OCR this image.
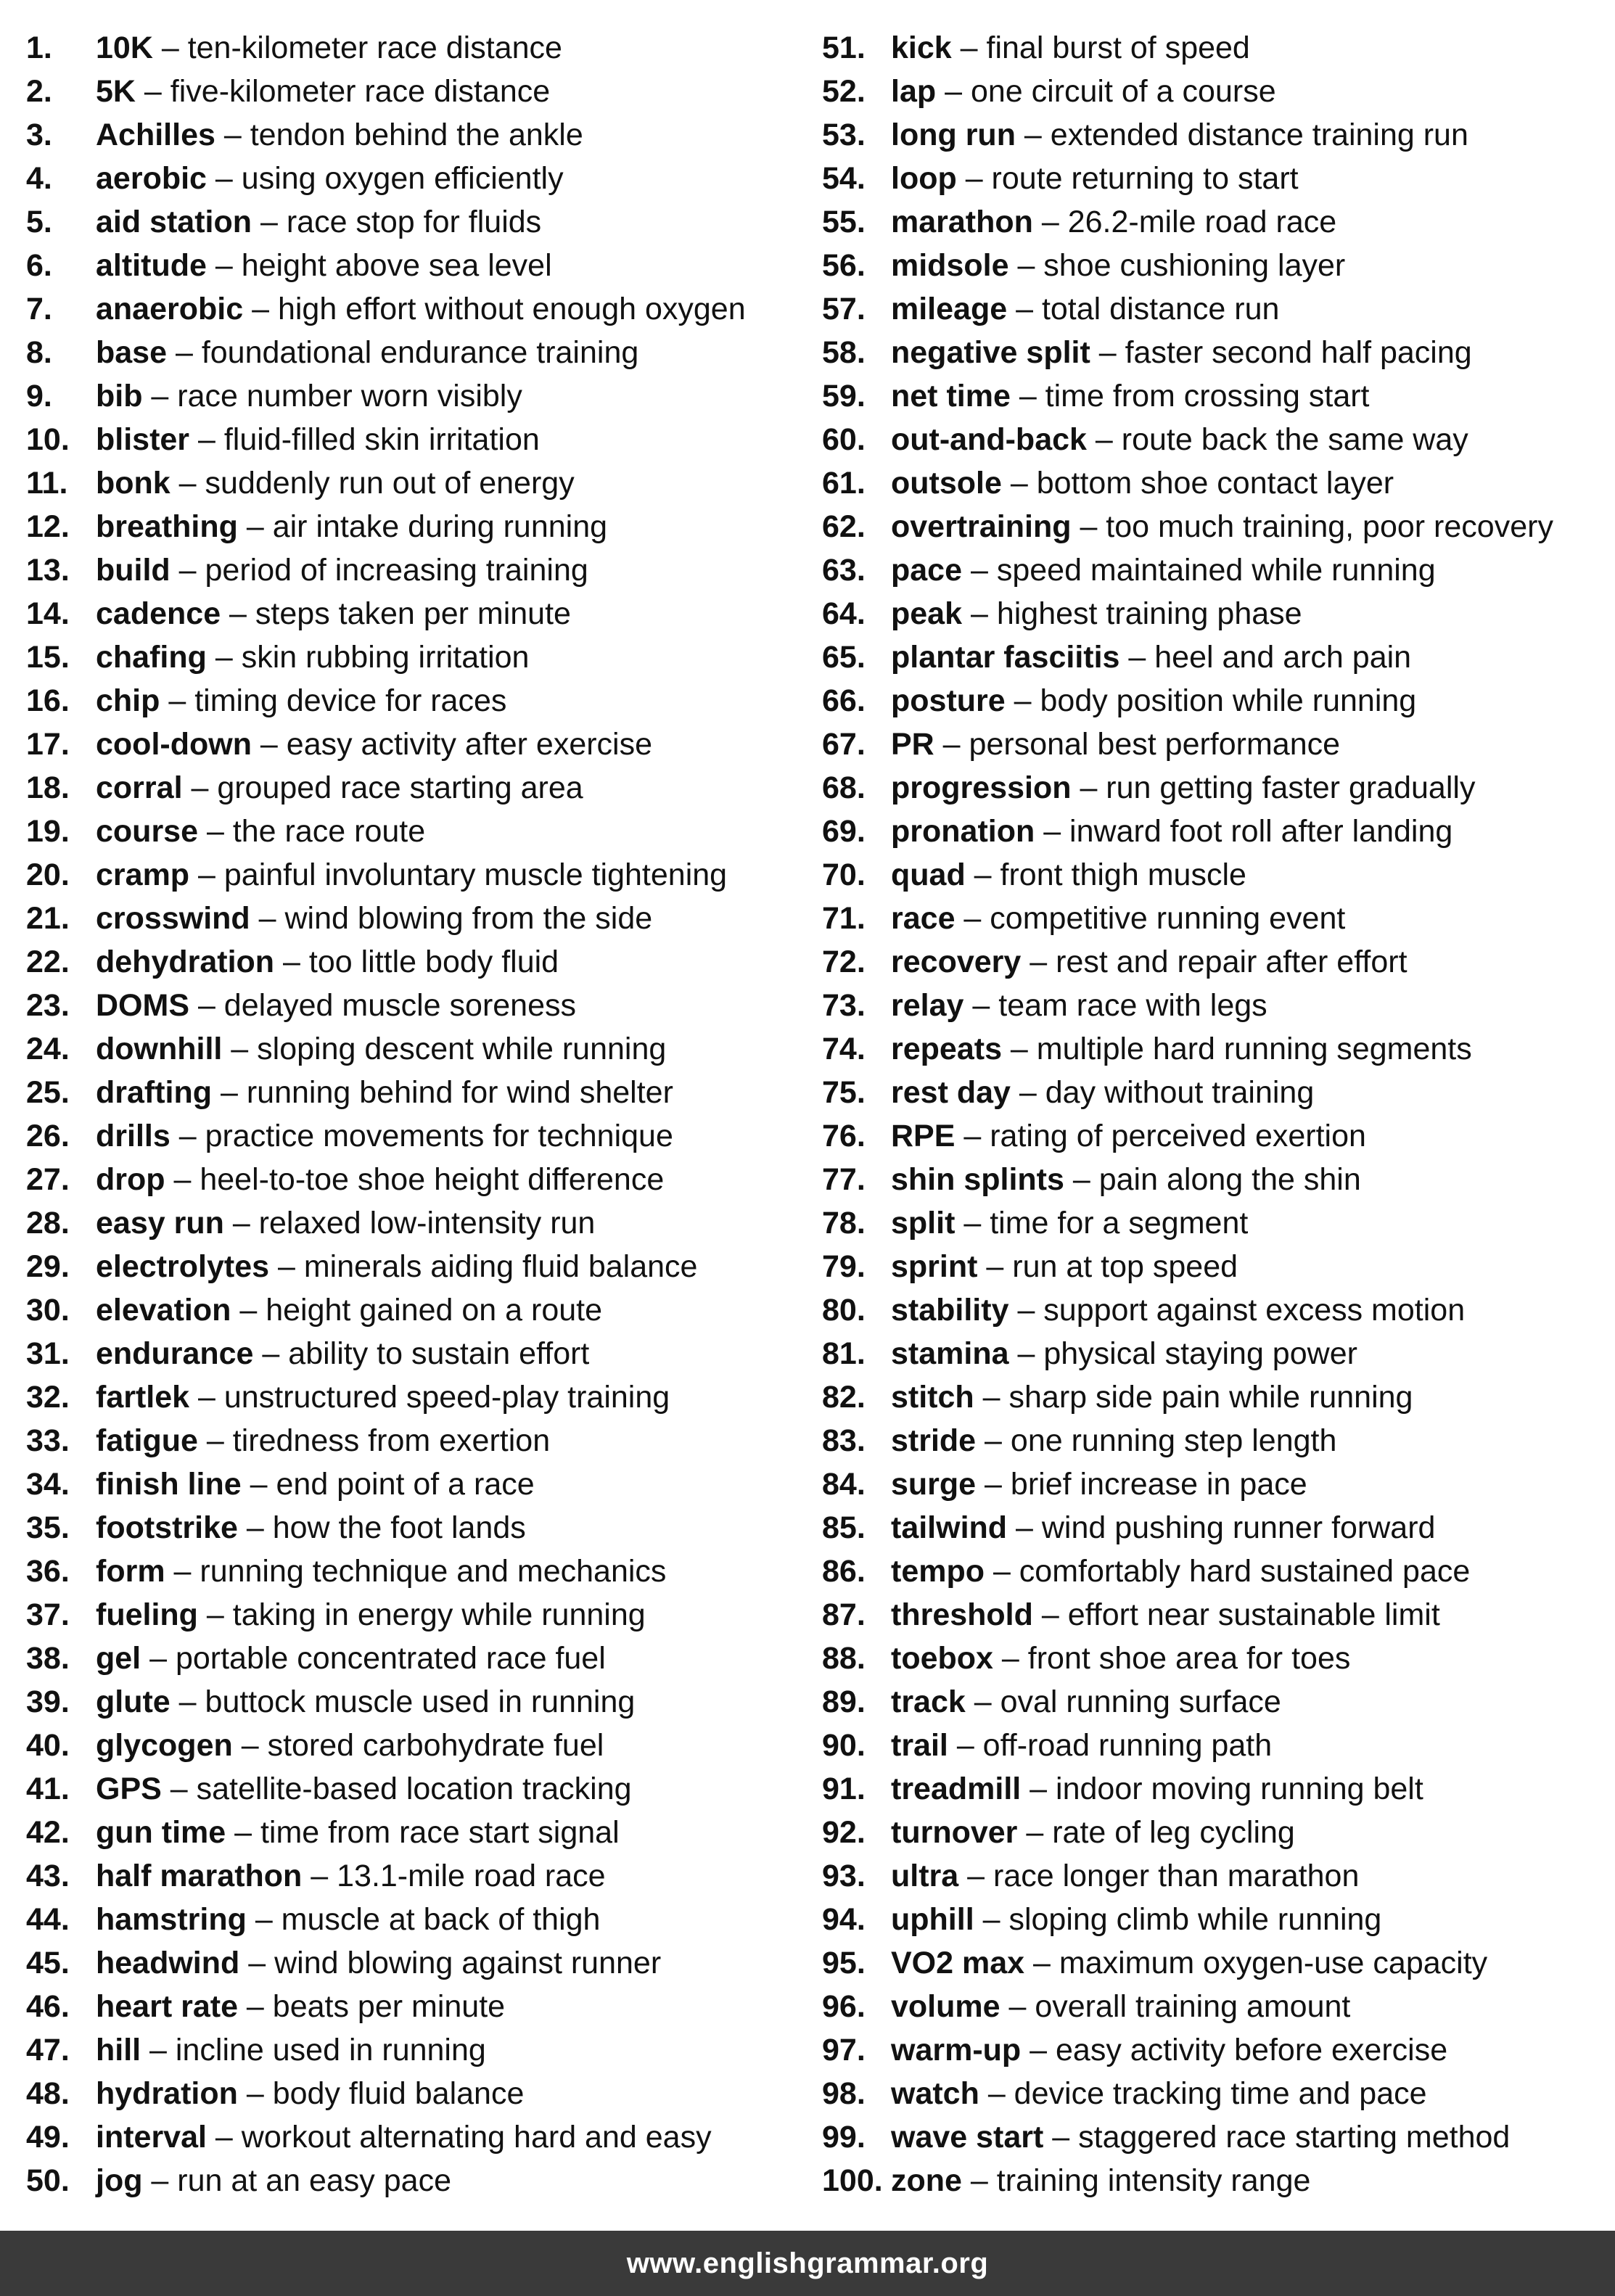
1.	10K – ten-kilometer race distance
2.	5K – five-kilometer race distance
3.	Achilles – tendon behind the ankle
4.	aerobic – using oxygen efficiently
5.	aid station – race stop for fluids
6.	altitude – height above sea level
7.	anaerobic – high effort without enough oxygen
8.	base – foundational endurance training
9.	bib – race number worn visibly
10. blister – fluid-filled skin irritation
11. bonk – suddenly run out of energy
12. breathing – air intake during running
13. build – period of increasing training
14. cadence – steps taken per minute
15. chafing – skin rubbing irritation
16. chip – timing device for races
17. cool-down – easy activity after exercise
18. corral – grouped race starting area
19. course – the race route
20. cramp – painful involuntary muscle tightening
21. crosswind – wind blowing from the side
22. dehydration – too little body fluid
23. DOMS – delayed muscle soreness
24. downhill – sloping descent while running
25. drafting – running behind for wind shelter
26. drills – practice movements for technique
27. drop – heel-to-toe shoe height difference
28. easy run – relaxed low-intensity run
29. electrolytes – minerals aiding fluid balance
30. elevation – height gained on a route
31. endurance – ability to sustain effort
32. fartlek – unstructured speed-play training
33. fatigue – tiredness from exertion
34. finish line – end point of a race
35. footstrike – how the foot lands
36. form – running technique and mechanics
37. fueling – taking in energy while running
38. gel – portable concentrated race fuel
39. glute – buttock muscle used in running
40. glycogen – stored carbohydrate fuel
41. GPS – satellite-based location tracking
42. gun time – time from race start signal
43. half marathon – 13.1-mile road race
44. hamstring – muscle at back of thigh
45. headwind – wind blowing against runner
46. heart rate – beats per minute
47. hill – incline used in running
48. hydration – body fluid balance
49. interval – workout alternating hard and easy
50. jog – run at an easy pace
51. kick – final burst of speed
52. lap – one circuit of a course
53. long run – extended distance training run
54. loop – route returning to start
55. marathon – 26.2-mile road race
56. midsole – shoe cushioning layer
57. mileage – total distance run
58. negative split – faster second half pacing
59. net time – time from crossing start
60. out-and-back – route back the same way
61. outsole – bottom shoe contact layer
62. overtraining – too much training, poor recovery
63. pace – speed maintained while running
64. peak – highest training phase
65. plantar fasciitis – heel and arch pain
66. posture – body position while running
67. PR – personal best performance
68. progression – run getting faster gradually
69. pronation – inward foot roll after landing
70. quad – front thigh muscle
71. race – competitive running event
72. recovery – rest and repair after effort
73. relay – team race with legs
74. repeats – multiple hard running segments
75. rest day – day without training
76. RPE – rating of perceived exertion
77. shin splints – pain along the shin
78. split – time for a segment
79. sprint – run at top speed
80. stability – support against excess motion
81. stamina – physical staying power
82. stitch – sharp side pain while running
83. stride – one running step length
84. surge – brief increase in pace
85. tailwind – wind pushing runner forward
86. tempo – comfortably hard sustained pace
87. threshold – effort near sustainable limit
88. toebox – front shoe area for toes
89. track – oval running surface
90. trail – off-road running path
91. treadmill – indoor moving running belt
92. turnover – rate of leg cycling
93. ultra – race longer than marathon
94. uphill – sloping climb while running
95. VO2 max – maximum oxygen-use capacity
96. volume – overall training amount
97. warm-up – easy activity before exercise
98. watch – device tracking time and pace
99. wave start – staggered race starting method
100. zone – training intensity range
www.englishgrammar.org
